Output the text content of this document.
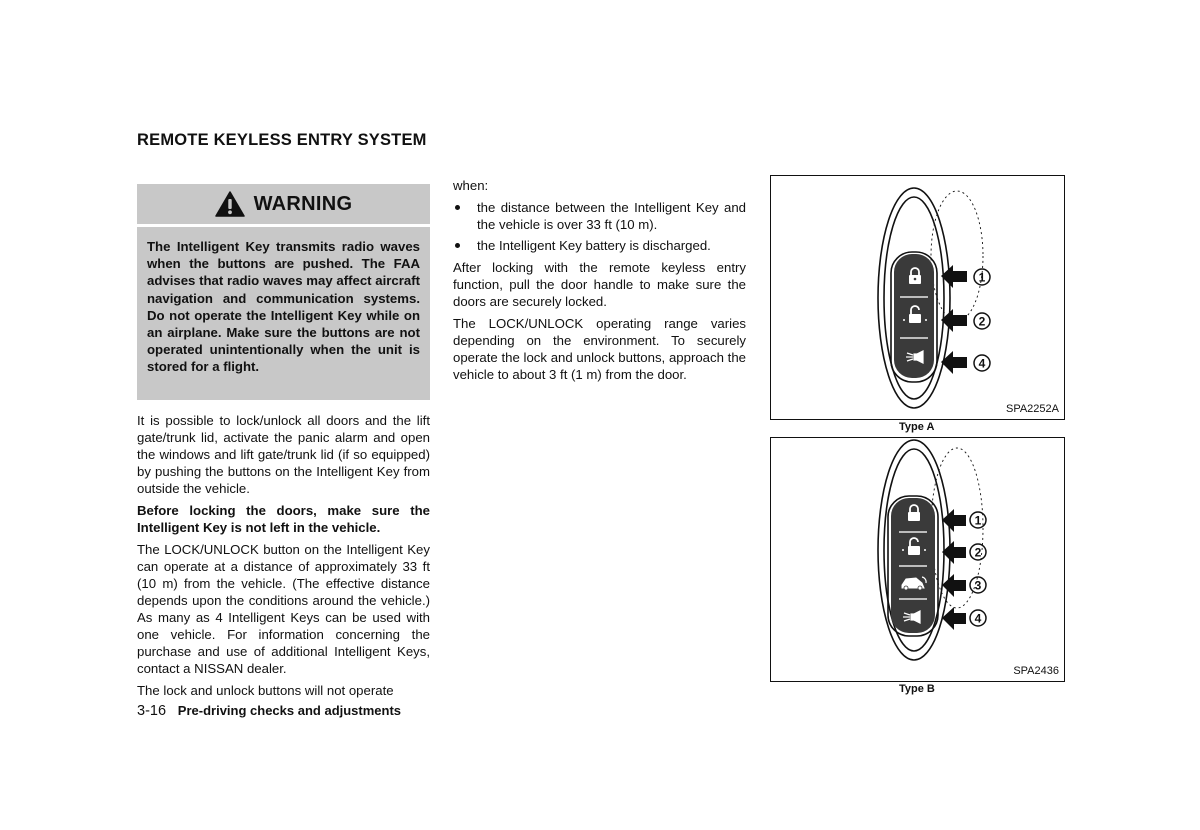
REMOTE KEYLESS ENTRY SYSTEM
WARNING

The Intelligent Key transmits radio waves when the buttons are pushed. The FAA advises that radio waves may affect aircraft navigation and communication systems. Do not operate the Intelligent Key while on an airplane. Make sure the buttons are not operated unintentionally when the unit is stored for a flight.

It is possible to lock/unlock all doors and the lift gate/trunk lid, activate the panic alarm and open the windows and lift gate/trunk lid (if so equipped) by pushing the buttons on the Intelligent Key from outside the vehicle.

Before locking the doors, make sure the Intelligent Key is not left in the vehicle.

The LOCK/UNLOCK button on the Intelligent Key can operate at a distance of approximately 33 ft (10 m) from the vehicle. (The effective distance depends upon the conditions around the vehicle.) As many as 4 Intelligent Keys can be used with one vehicle. For information concerning the purchase and use of additional Intelligent Keys, contact a NISSAN dealer.

The lock and unlock buttons will not operate

when:

the distance between the Intelligent Key and the vehicle is over 33 ft (10 m).
the Intelligent Key battery is discharged.

After locking with the remote keyless entry function, pull the door handle to make sure the doors are securely locked.

The LOCK/UNLOCK operating range varies depending on the environment. To securely operate the lock and unlock buttons, approach the vehicle to about 3 ft (1 m) from the door.

1
2
4
SPA2252A
Type A
1
2
3
4
SPA2436
Type B
3-16 Pre-driving checks and adjustments
